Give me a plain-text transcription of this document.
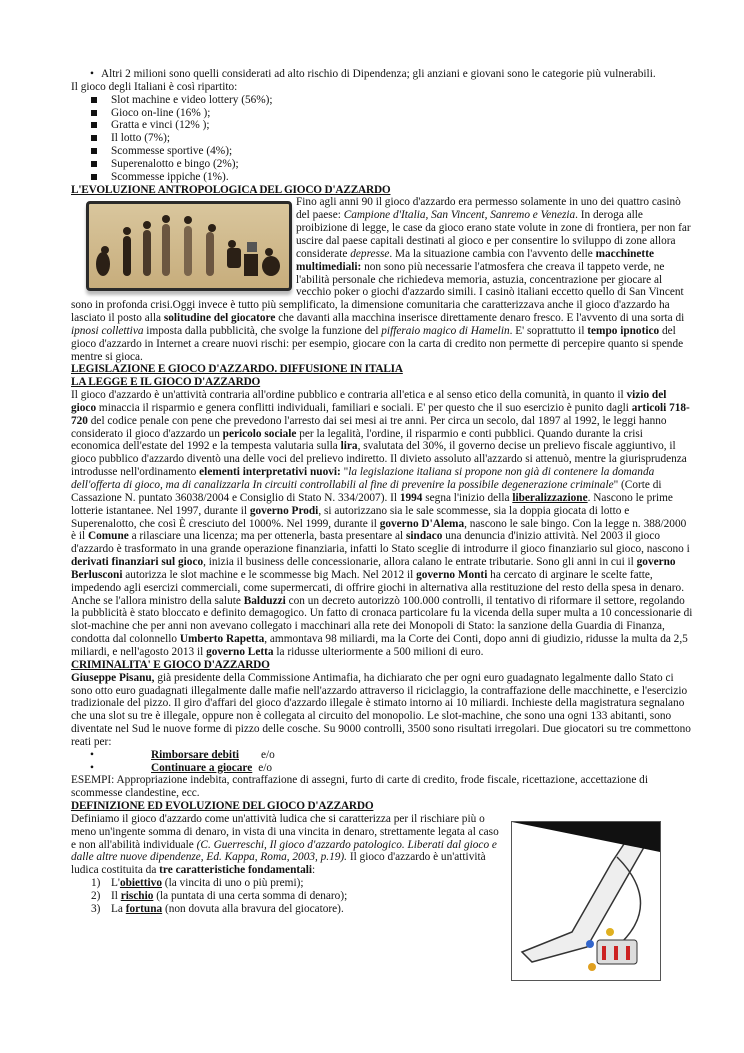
• Altri 2 milioni sono quelli considerati ad alto rischio di Dipendenza; gli anziani e giovani sono le categorie più vulnerabili.

Il gioco degli Italiani è così ripartito:

Slot machine e video lottery (56%);
Gioco on-line (16% );
Gratta e vinci (12% );
Il lotto (7%);
Scommesse sportive (4%);
Superenalotto e bingo (2%);
Scommesse ippiche (1%).
L'EVOLUZIONE ANTROPOLOGICA DEL GIOCO D'AZZARDO

Fino agli anni 90 il gioco d'azzardo era permesso solamente in uno dei quattro casinò del paese: Campione d'Italia, San Vincent, Sanremo e Venezia. In deroga alle proibizione di legge, le case da gioco erano state volute in zone di frontiera, per non far uscire dal paese capitali destinati al gioco e per consentire lo sviluppo di zone allora considerate depresse. Ma la situazione cambia con l'avvento delle macchinette multimediali: non sono più necessarie l'atmosfera che creava il tappeto verde, ne l'abilità personale che richiedeva memoria, astuzia, concentrazione per giocare al vecchio poker o giochi d'azzardo simili. I casinò italiani eccetto quello di San Vincent sono in profonda crisi.Oggi invece è tutto più semplificato, la dimensione comunitaria che caratterizzava anche il gioco d'azzardo ha lasciato il posto alla solitudine del giocatore che davanti alla macchina inserisce direttamente denaro fresco. E l'avvento di una sorta di ipnosi collettiva imposta dalla pubblicità, che svolge la funzione del pifferaio magico di Hamelin. E' soprattutto il tempo ipnotico del gioco d'azzardo in Internet a creare nuovi rischi: per esempio, giocare con la carta di credito non permette di percepire quanto si spende mentre si gioca.

LEGISLAZIONE E GIOCO D'AZZARDO. DIFFUSIONE IN ITALIA
LA LEGGE E IL GIOCO D'AZZARDO

Il gioco d'azzardo è un'attività contraria all'ordine pubblico e contraria all'etica e al senso etico della comunità, in quanto il vizio del gioco minaccia il risparmio e genera conflitti individuali, familiari e sociali. E' per questo che il suo esercizio è punito dagli articoli 718-720 del codice penale con pene che prevedono l'arresto dai sei mesi ai tre anni. Per circa un secolo, dal 1897 al 1992, le leggi hanno considerato il gioco d'azzardo un pericolo sociale per la legalità, l'ordine, il risparmio e conti pubblici. Quando durante la crisi economica dell'estate del 1992 e la tempesta valutaria sulla lira, svalutata del 30%, il governo decise un prelievo fiscale aggiuntivo, il gioco pubblico d'azzardo diventò una delle voci del prelievo indiretto. Il divieto assoluto all'azzardo si attenuò, mentre la giurisprudenza introdusse nell'ordinamento elementi interpretativi nuovi: "la legislazione italiana si propone non già di contenere la domanda dell'offerta di gioco, ma di canalizzarla In circuiti controllabili al fine di prevenire la possibile degenerazione criminale" (Corte di Cassazione N. puntato 36038/2004 e Consiglio di Stato N. 334/2007). Il 1994 segna l'inizio della liberalizzazione. Nascono le prime lotterie istantanee. Nel 1997, durante il governo Prodi, si autorizzano sia le sale scommesse, sia la doppia giocata di lotto e Superenalotto, che così È cresciuto del 1000%. Nel 1999, durante il governo D'Alema, nascono le sale bingo. Con la legge n. 388/2000 è il Comune a rilasciare una licenza; ma per ottenerla, basta presentare al sindaco una denuncia d'inizio attività. Nel 2003 il gioco d'azzardo è trasformato in una grande operazione finanziaria, infatti lo Stato sceglie di introdurre il gioco finanziario sul gioco, nascono i derivati finanziari sul gioco, inizia il business delle concessionarie, allora calano le entrate tributarie. Sono gli anni in cui il governo Berlusconi autorizza le slot machine e le scommesse big Mach. Nel 2012 il governo Monti ha cercato di arginare le scelte fatte, impedendo agli esercizi commerciali, come supermercati, di offrire giochi in alternativa alla restituzione del resto della spesa in denaro. Anche se l'allora ministro della salute Balduzzi con un decreto autorizzò 100.000 controlli, il tentativo di riformare il settore, regolando la pubblicità è stato bloccato e definito demagogico. Un fatto di cronaca particolare fu la vicenda della super multa a 10 concessionarie di slot-machine che per anni non avevano collegato i macchinari alla rete dei Monopoli di Stato: la sanzione della Guardia di Finanza, condotta dal colonnello Umberto Rapetta, ammontava 98 miliardi, ma la Corte dei Conti, dopo anni di giudizio, ridusse la multa da 2,5 miliardi, e nell'agosto 2013 il governo Letta la ridusse ulteriormente a 500 milioni di euro.

CRIMINALITA' E GIOCO D'AZZARDO

Giuseppe Pisanu, già presidente della Commissione Antimafia, ha dichiarato che per ogni euro guadagnato legalmente dallo Stato ci sono otto euro guadagnati illegalmente dalle mafie nell'azzardo attraverso il riciclaggio, la contraffazione delle macchinette, e l'esercizio tradizionale del pizzo. Il giro d'affari del gioco d'azzardo illegale è stimato intorno ai 10 miliardi. Inchieste della magistratura segnalano che una slot su tre è illegale, oppure non è collegata al circuito del monopolio. Le slot-machine, che sono una ogni 133 abitanti, sono diventate nel Sud le nuove forme di pizzo delle cosche. Su 9000 controlli, 3500 sono risultati irregolari. Due giocatori su tre commettono reati per:

• Rimborsare debiti e/o

• Continuare a giocare e/o

ESEMPI: Appropriazione indebita, contraffazione di assegni, furto di carte di credito, frode fiscale, ricettazione, accettazione di scommesse clandestine, ecc.

DEFINIZIONE ED EVOLUZIONE DEL GIOCO D'AZZARDO

Definiamo il gioco d'azzardo come un'attività ludica che si caratterizza per il rischiare più o meno un'ingente somma di denaro, in vista di una vincita in denaro, strettamente legata al caso e non all'abilità individuale (C. Guerreschi, Il gioco d'azzardo patologico. Liberati dal gioco e dalle altre nuove dipendenze, Ed. Kappa, Roma, 2003, p.19). Il gioco d'azzardo è un'attività ludica costituita da tre caratteristiche fondamentali:

1) L'obiettivo (la vincita di uno o più premi);
2) Il rischio (la puntata di una certa somma di denaro);
3) La fortuna (non dovuta alla bravura del giocatore).
